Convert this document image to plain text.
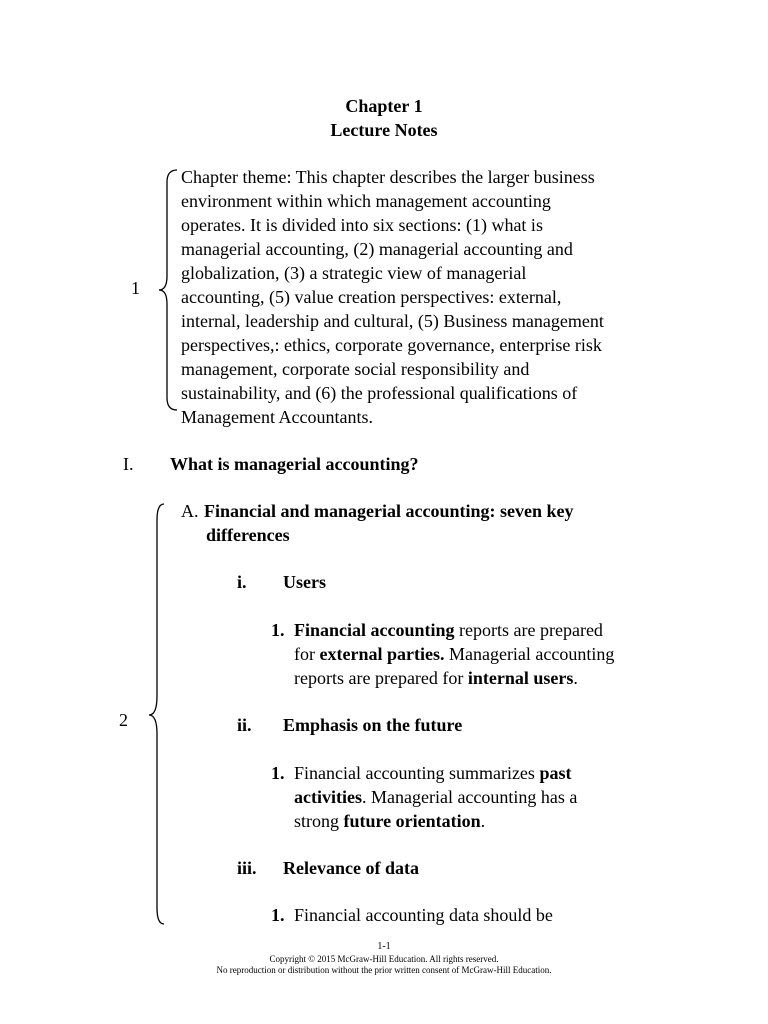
Chapter 1
Lecture Notes
1
Chapter theme: This chapter describes the larger business
environment within which management accounting
operates. It is divided into six sections: (1) what is
managerial accounting, (2) managerial accounting and
globalization, (3) a strategic view of managerial
accounting, (5) value creation perspectives: external,
internal, leadership and cultural, (5) Business management
perspectives,: ethics, corporate governance, enterprise risk
management, corporate social responsibility and
sustainability, and (6) the professional qualifications of
Management Accountants.
I. What is managerial accounting?
2
A. Financial and managerial accounting: seven key
differences
i. Users
1. Financial accounting reports are prepared
for external parties. Managerial accounting
reports are prepared for internal users.
ii. Emphasis on the future
1. Financial accounting summarizes past
activities. Managerial accounting has a
strong future orientation.
iii. Relevance of data
1. Financial accounting data should be
1-1
Copyright © 2015 McGraw-Hill Education. All rights reserved.
No reproduction or distribution without the prior written consent of McGraw-Hill Education.
